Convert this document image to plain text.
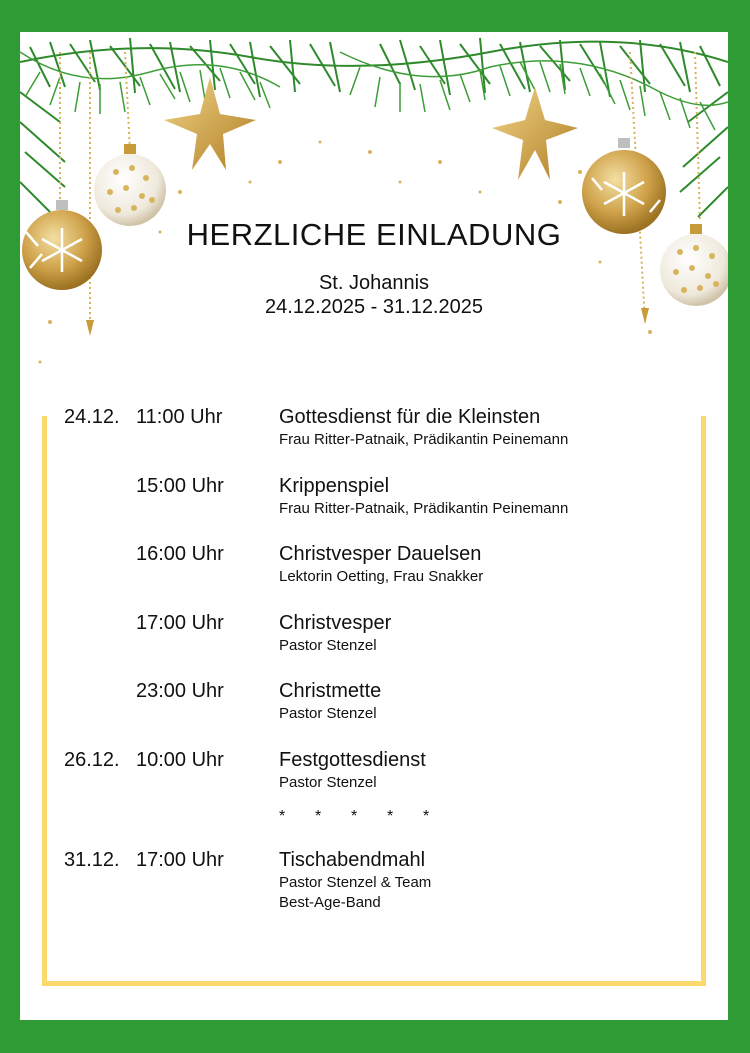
HERZLICHE EINLADUNG
St. Johannis
24.12.2025 - 31.12.2025
24.12. 11:00 Uhr	Gottesdienst für die Kleinsten
Frau Ritter-Patnaik, Prädikantin Peinemann
15:00 Uhr	Krippenspiel
Frau Ritter-Patnaik, Prädikantin Peinemann
16:00 Uhr	Christvesper Dauelsen
Lektorin Oetting, Frau Snakker
17:00 Uhr	Christvesper
Pastor Stenzel
23:00 Uhr	Christmette
Pastor Stenzel
26.12. 10:00 Uhr	Festgottesdienst
Pastor Stenzel
* * * * *
31.12. 17:00 Uhr	Tischabendmahl
Pastor Stenzel & Team
Best-Age-Band
